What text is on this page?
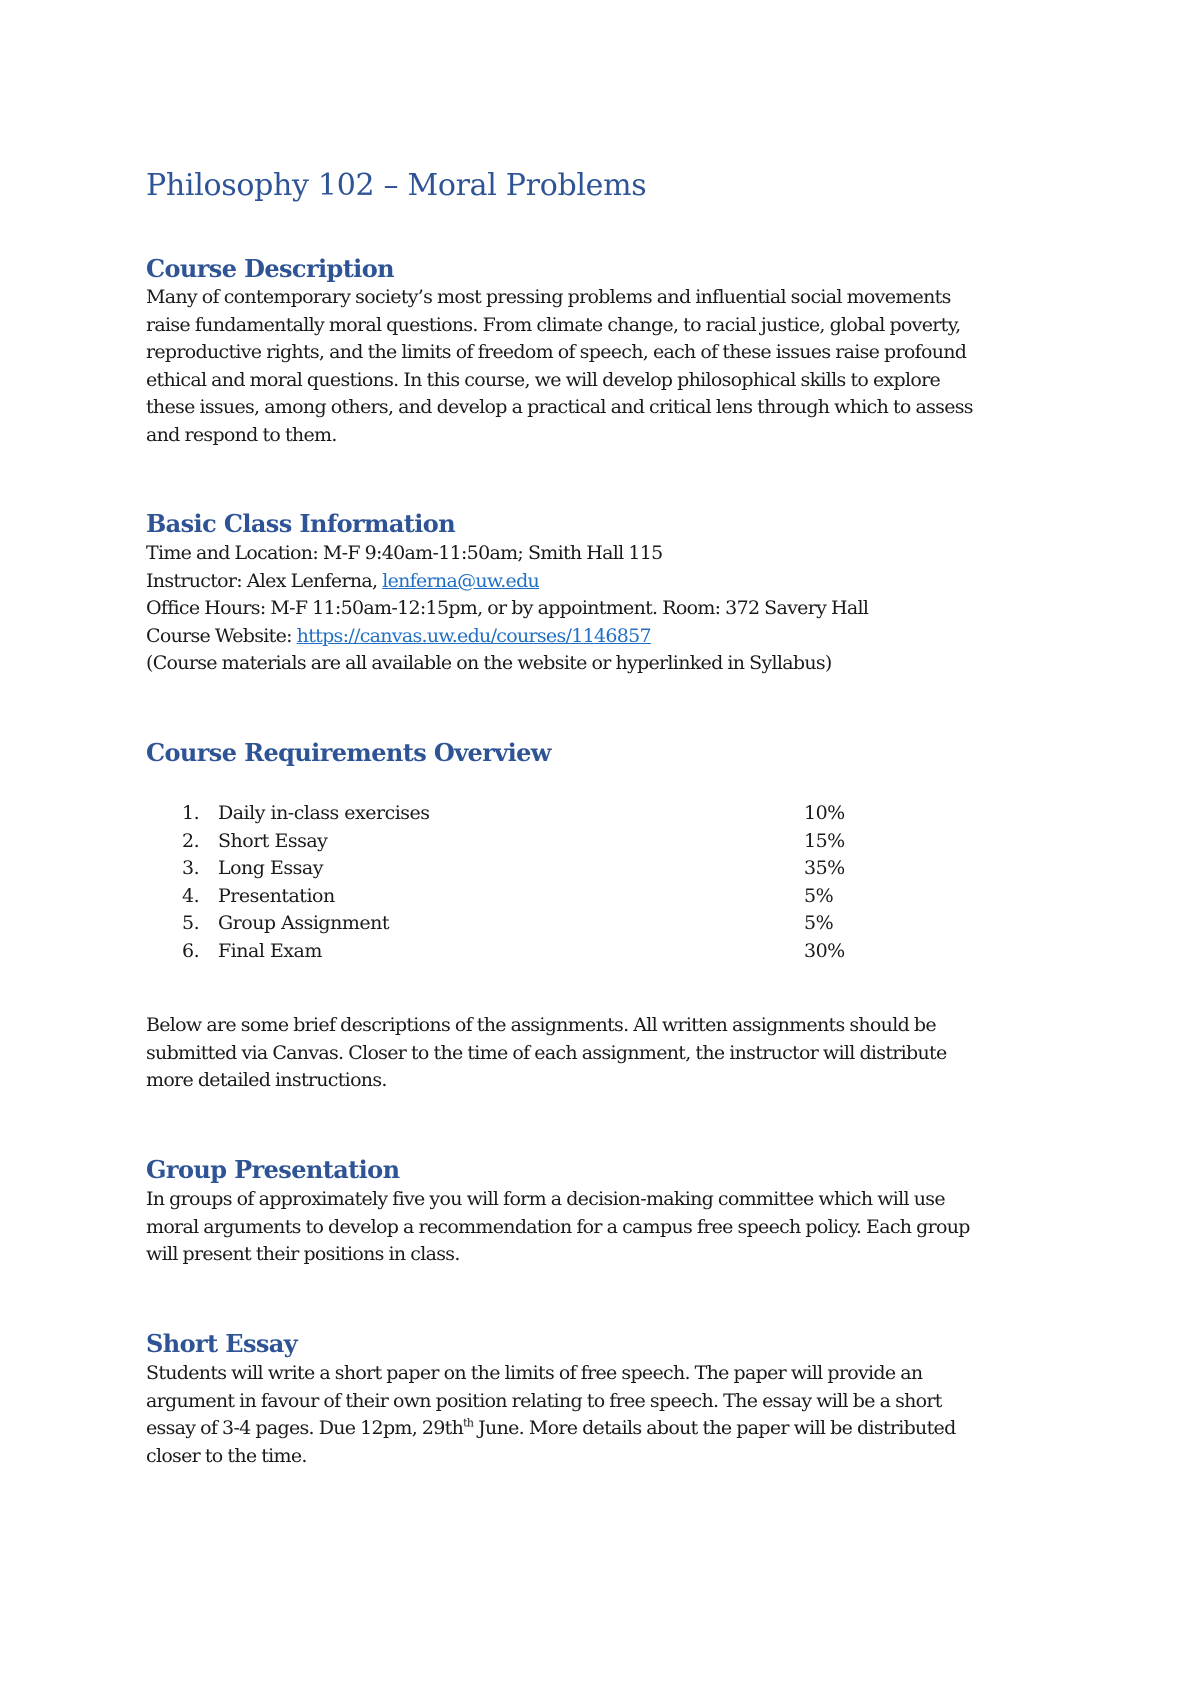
Philosophy 102 – Moral Problems
Course Description
Many of contemporary society’s most pressing problems and influential social movements
raise fundamentally moral questions. From climate change, to racial justice, global poverty,
reproductive rights, and the limits of freedom of speech, each of these issues raise profound
ethical and moral questions. In this course, we will develop philosophical skills to explore
these issues, among others, and develop a practical and critical lens through which to assess
and respond to them.
Basic Class Information
Time and Location: M-F 9:40am-11:50am; Smith Hall 115
Instructor: Alex Lenferna, lenferna@uw.edu
Office Hours: M-F 11:50am-12:15pm, or by appointment. Room: 372 Savery Hall
Course Website: https://canvas.uw.edu/courses/1146857
(Course materials are all available on the website or hyperlinked in Syllabus)
Course Requirements Overview
1. Daily in-class exercises	10%
2. Short Essay	15%
3. Long Essay	35%
4. Presentation	5%
5. Group Assignment	5%
6. Final Exam	30%
Below are some brief descriptions of the assignments. All written assignments should be
submitted via Canvas. Closer to the time of each assignment, the instructor will distribute
more detailed instructions.
Group Presentation
In groups of approximately five you will form a decision-making committee which will use
moral arguments to develop a recommendation for a campus free speech policy. Each group
will present their positions in class.
Short Essay
Students will write a short paper on the limits of free speech. The paper will provide an
argument in favour of their own position relating to free speech. The essay will be a short
essay of 3-4 pages. Due 12pm, $29th^{th}$ June. More details about the paper will be distributed
closer to the time.
